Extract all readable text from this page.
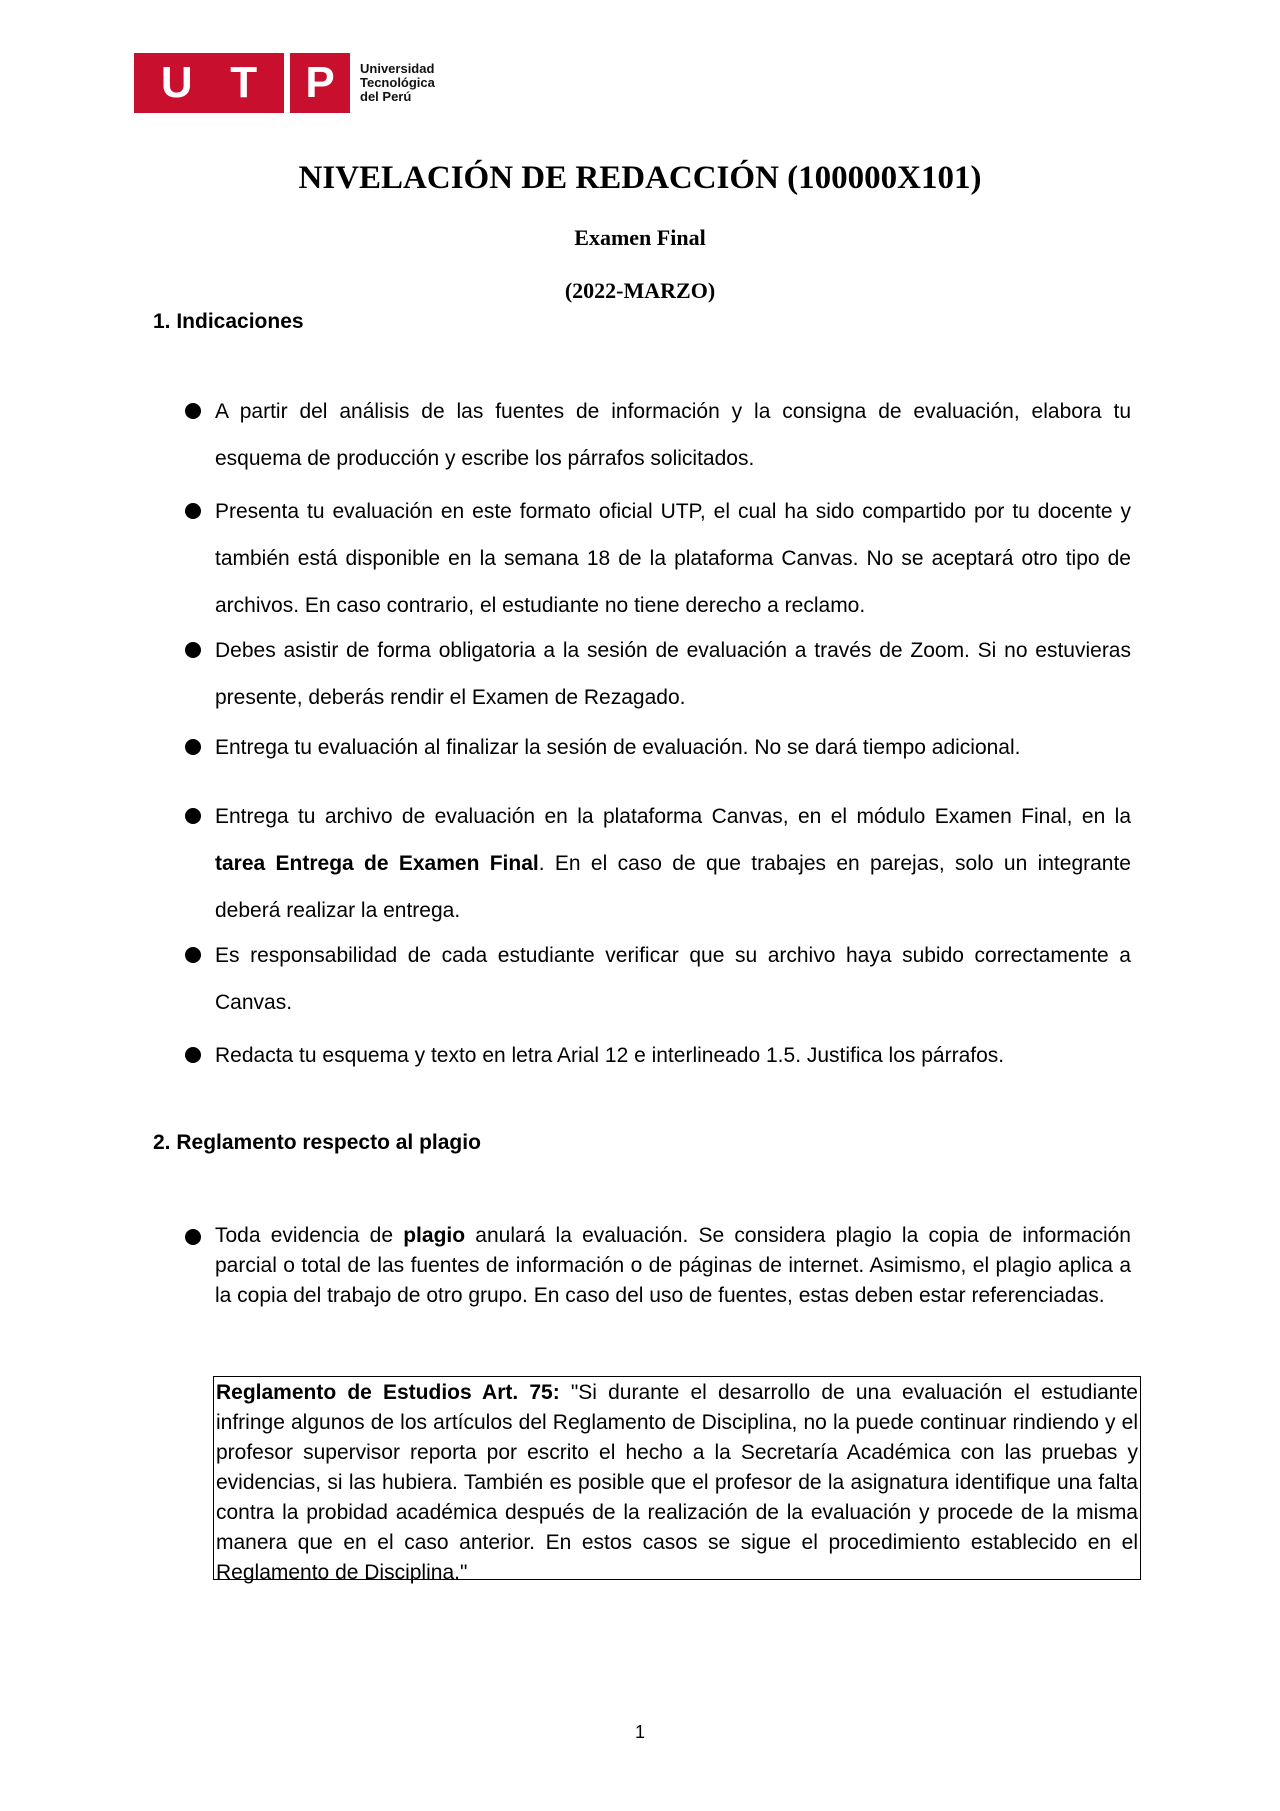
U T P Universidad
Tecnológica
del Perú
NIVELACIÓN DE REDACCIÓN (100000X101)
Examen Final
(2022-MARZO)
1. Indicaciones
A partir del análisis de las fuentes de información y la consigna de evaluación, elabora tu esquema de producción y escribe los párrafos solicitados.
Presenta tu evaluación en este formato oficial UTP, el cual ha sido compartido por tu docente y también está disponible en la semana 18 de la plataforma Canvas. No se aceptará otro tipo de archivos. En caso contrario, el estudiante no tiene derecho a reclamo.
Debes asistir de forma obligatoria a la sesión de evaluación a través de Zoom. Si no estuvieras presente, deberás rendir el Examen de Rezagado.
Entrega tu evaluación al finalizar la sesión de evaluación. No se dará tiempo adicional.
Entrega tu archivo de evaluación en la plataforma Canvas, en el módulo Examen Final, en la tarea Entrega de Examen Final. En el caso de que trabajes en parejas, solo un integrante deberá realizar la entrega.
Es responsabilidad de cada estudiante verificar que su archivo haya subido correctamente a Canvas.
Redacta tu esquema y texto en letra Arial 12 e interlineado 1.5. Justifica los párrafos.
2. Reglamento respecto al plagio
Toda evidencia de plagio anulará la evaluación. Se considera plagio la copia de información parcial o total de las fuentes de información o de páginas de internet. Asimismo, el plagio aplica a la copia del trabajo de otro grupo. En caso del uso de fuentes, estas deben estar referenciadas.
Reglamento de Estudios Art. 75: "Si durante el desarrollo de una evaluación el estudiante infringe algunos de los artículos del Reglamento de Disciplina, no la puede continuar rindiendo y el profesor supervisor reporta por escrito el hecho a la Secretaría Académica con las pruebas y evidencias, si las hubiera. También es posible que el profesor de la asignatura identifique una falta contra la probidad académica después de la realización de la evaluación y procede de la misma manera que en el caso anterior. En estos casos se sigue el procedimiento establecido en el Reglamento de Disciplina."
1
